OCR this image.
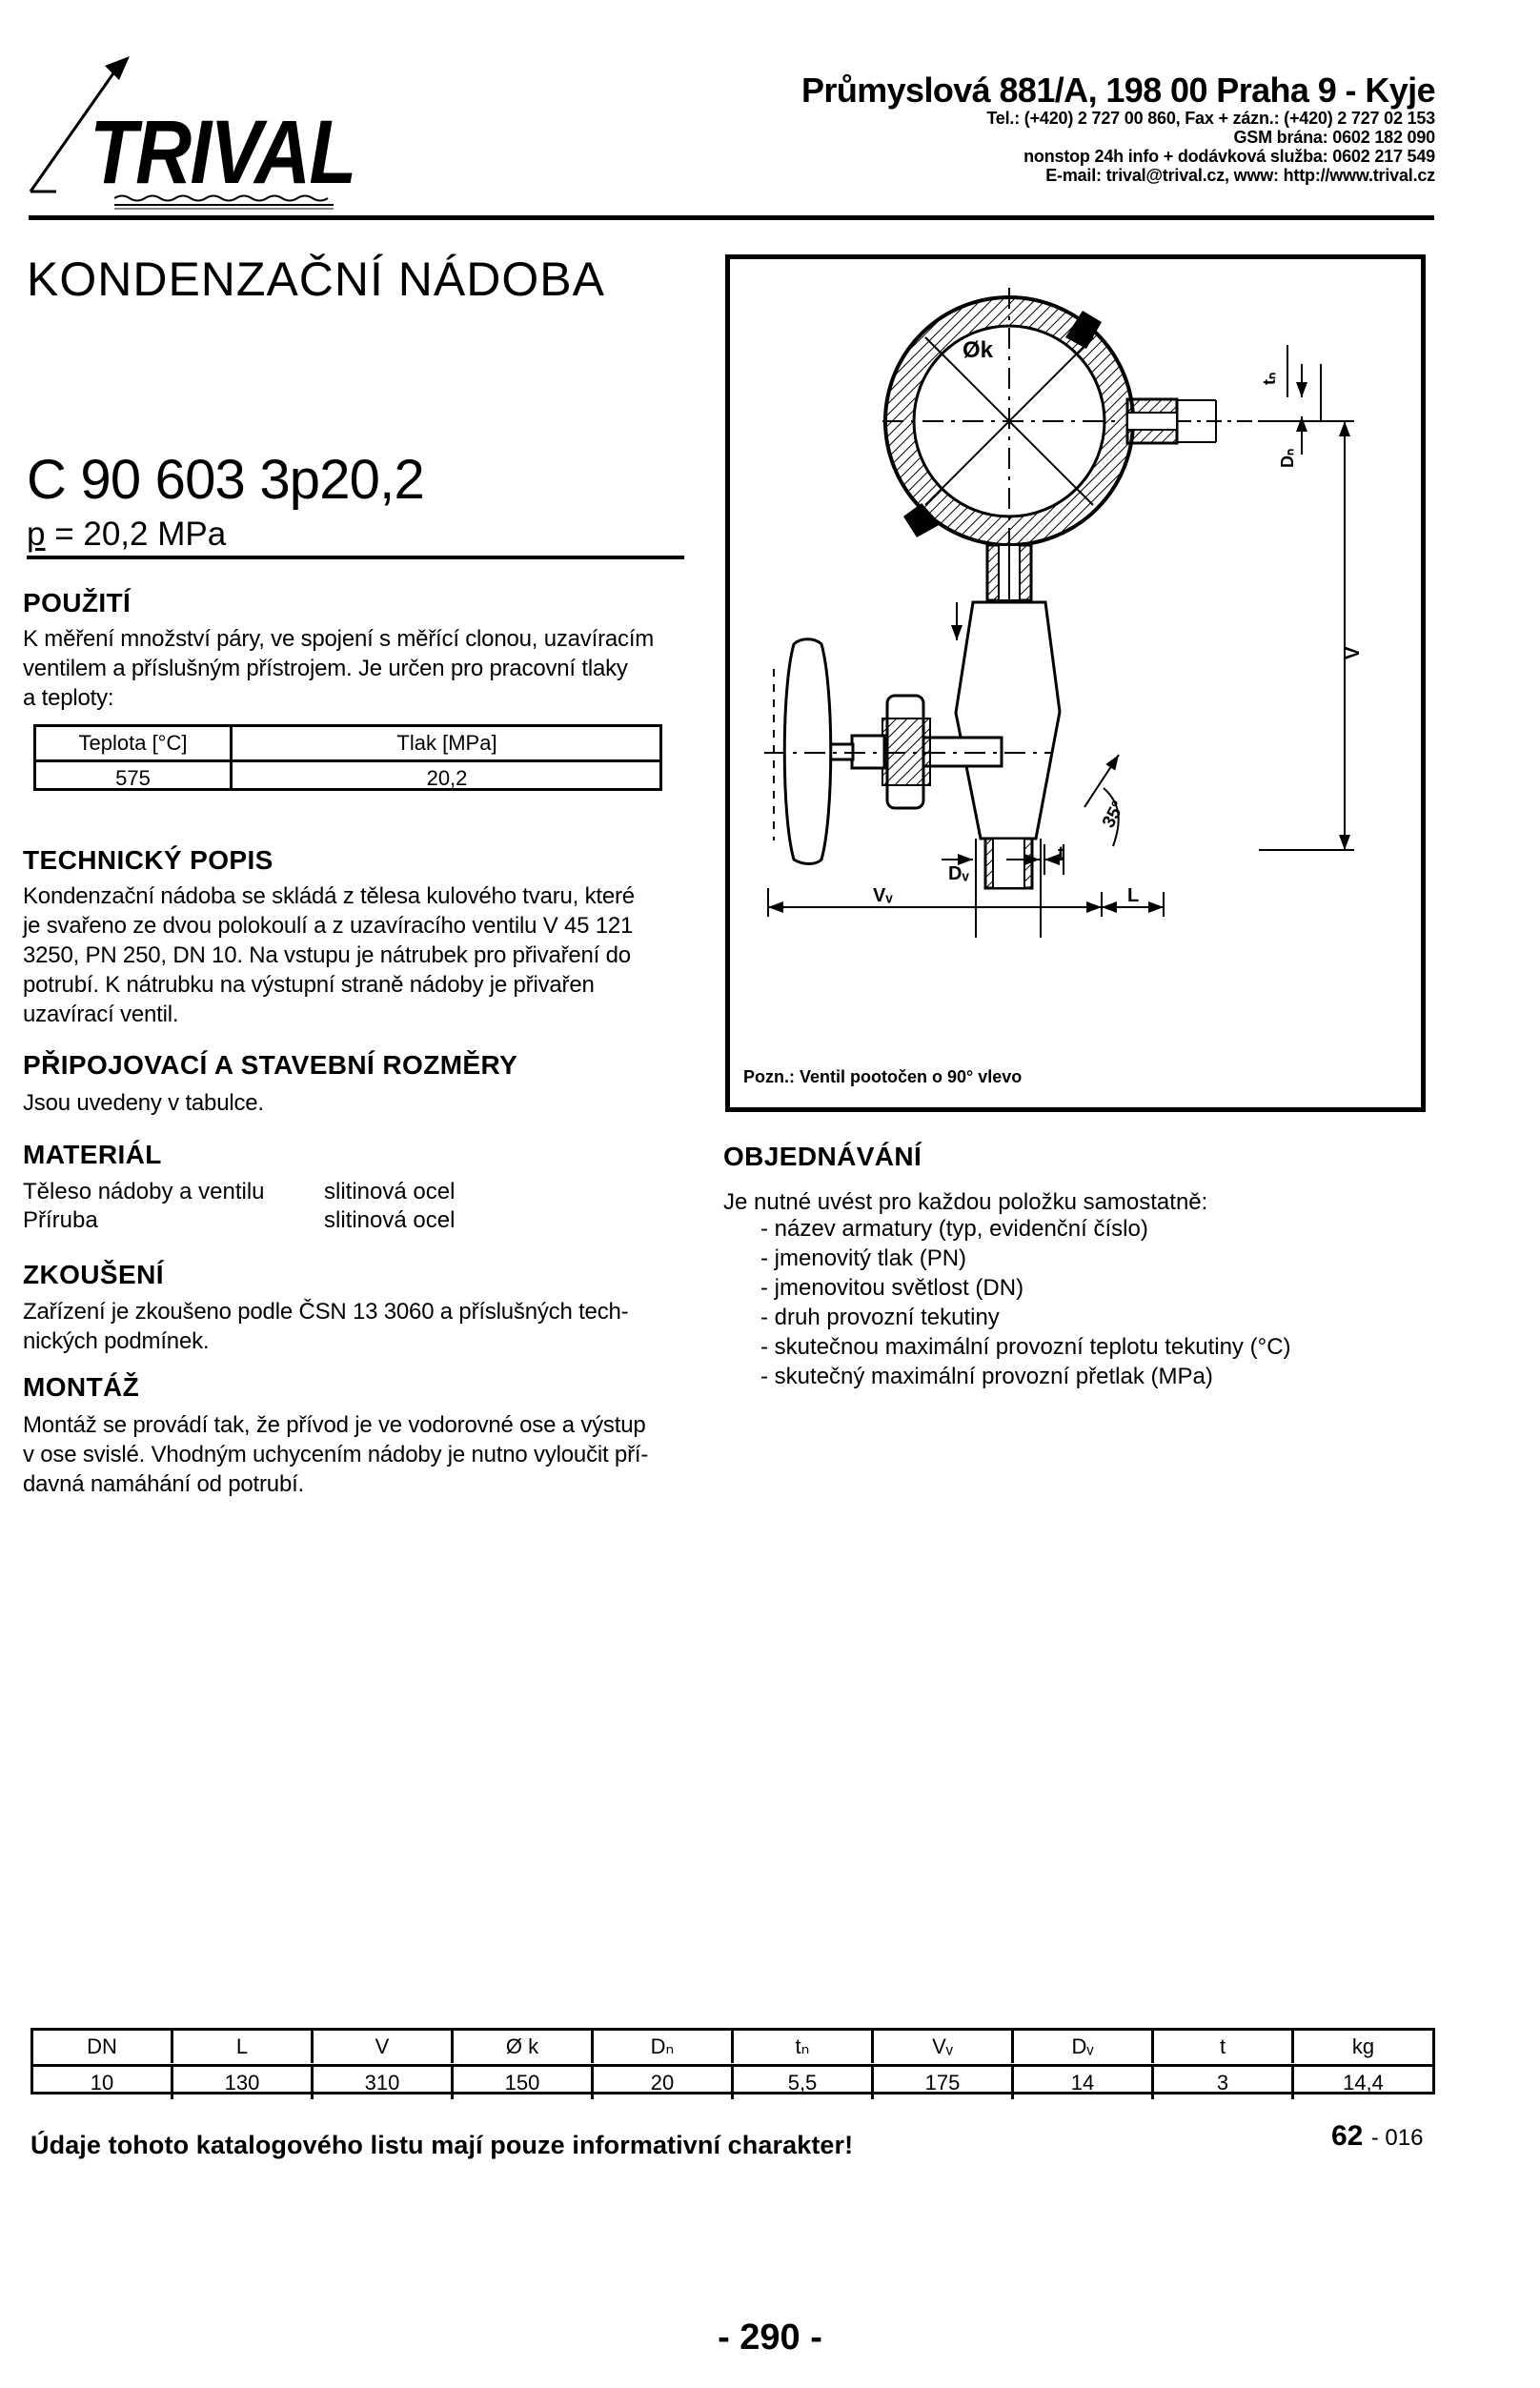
TRIVAL
Průmyslová 881/A, 198 00 Praha 9 - Kyje
Tel.: (+420) 2 727 00 860, Fax + zázn.: (+420) 2 727 02 153
GSM brána: 0602 182 090
nonstop 24h info + dodávková služba: 0602 217 549
E-mail: trival@trival.cz, www: http://www.trival.cz
KONDENZAČNÍ NÁDOBA
C 90 603 3p20,2
p = 20,2 MPa
POUŽITÍ
K měření množství páry, ve spojení s měřící clonou, uzavíracím
ventilem a příslušným přístrojem. Je určen pro pracovní tlaky
a teploty:
Teplota [°C]	Tlak [MPa]
575	20,2
TECHNICKÝ POPIS
Kondenzační nádoba se skládá z tělesa kulového tvaru, které
je svařeno ze dvou polokoulí a z uzavíracího ventilu V 45 121
3250, PN 250, DN 10. Na vstupu je nátrubek pro přivaření do
potrubí. K nátrubku na výstupní straně nádoby je přivařen
uzavírací ventil.
PŘIPOJOVACÍ A STAVEBNÍ ROZMĚRY
Jsou uvedeny v tabulce.
MATERIÁL
Těleso nádoby a ventilu	slitinová ocel
Příruba	slitinová ocel
ZKOUŠENÍ
Zařízení je zkoušeno podle ČSN 13 3060 a příslušných tech-
nických podmínek.
MONTÁŽ
Montáž se provádí tak, že přívod je ve vodorovné ose a výstup
v ose svislé. Vhodným uchycením nádoby je nutno vyloučit pří-
davná namáhání od potrubí.
Øk
tₙ
Dₙ
V
35°
t
Dᵥ
Vᵥ	L
Pozn.: Ventil pootočen o 90° vlevo
OBJEDNÁVÁNÍ
Je nutné uvést pro každou položku samostatně:
- název armatury (typ, evidenční číslo)
- jmenovitý tlak (PN)
- jmenovitou světlost (DN)
- druh provozní tekutiny
- skutečnou maximální provozní teplotu tekutiny (°C)
- skutečný maximální provozní přetlak (MPa)
DN	L	V	Ø k	Dₙ	tₙ	Vᵥ	Dᵥ	t	kg
10	130	310	150	20	5,5	175	14	3	14,4
Údaje tohoto katalogového listu mají pouze informativní charakter!	62 - 016
- 290 -
